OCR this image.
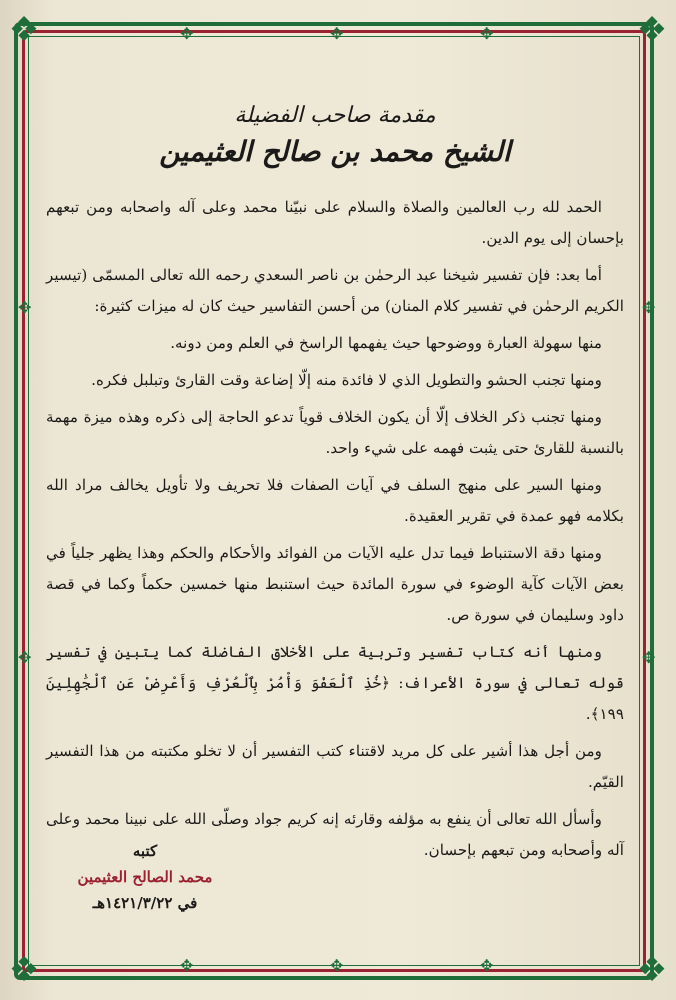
❖	❖
❖	❖
✥	✥	✥
✥	✥	✥
✥
✥
✥
✥
مقدمة صاحب الفضيلة
الشيخ محمد بن صالح العثيمين

الحمد لله رب العالمين والصلاة والسلام على نبيّنا محمد وعلى آله واصحابه ومن تبعهم بإحسان إلى يوم الدين.

أما بعد: فإن تفسير شيخنا عبد الرحمٰن بن ناصر السعدي رحمه الله تعالى المسمّى (تيسير الكريم الرحمٰن في تفسير كلام المنان) من أحسن التفاسير حيث كان له ميزات كثيرة:

منها سهولة العبارة ووضوحها حيث يفهمها الراسخ في العلم ومن دونه.

ومنها تجنب الحشو والتطويل الذي لا فائدة منه إلّا إضاعة وقت القارئ وتبلبل فكره.

ومنها تجنب ذكر الخلاف إلّا أن يكون الخلاف قوياً تدعو الحاجة إلى ذكره وهذه ميزة مهمة بالنسبة للقارئ حتى يثبت فهمه على شيء واحد.

ومنها السير على منهج السلف في آيات الصفات فلا تحريف ولا تأويل يخالف مراد الله بكلامه فهو عمدة في تقرير العقيدة.

ومنها دقة الاستنباط فيما تدل عليه الآيات من الفوائد والأحكام والحكم وهذا يظهر جلياً في بعض الآيات كآية الوضوء في سورة المائدة حيث استنبط منها خمسين حكماً وكما في قصة داود وسليمان في سورة ص.

ومنها أنه كتاب تفسير وتربية على الأخلاق الفاضلة كما يتبين في تفسير قوله تعالى في سورة الأعراف: ﴿خُذِ ٱلْعَفْوَ وَأْمُرْ بِٱلْعُرْفِ وَأَعْرِضْ عَنِ ٱلْجَٰهِلِينَ ١٩٩﴾.

ومن أجل هذا أشير على كل مريد لاقتناء كتب التفسير أن لا تخلو مكتبته من هذا التفسير القيّم.

وأسأل الله تعالى أن ينفع به مؤلفه وقارئه إنه كريم جواد وصلّى الله على نبينا محمد وعلى آله وأصحابه ومن تبعهم بإحسان.

كتبه
محمد الصالح العثيمين
في ١٤٢١/٣/٢٢هـ
